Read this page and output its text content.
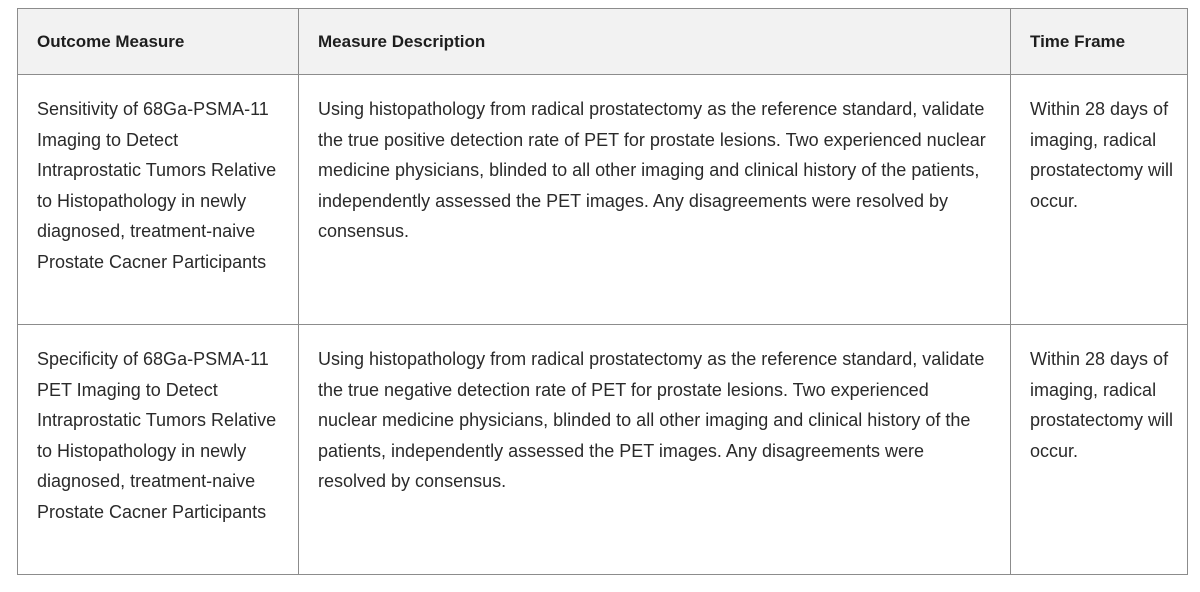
Outcome Measure	Measure Description	Time Frame
Sensitivity of 68Ga-PSMA-11 Imaging to Detect Intraprostatic Tumors Relative to Histopathology in newly diagnosed, treatment-naive Prostate Cacner Participants	Using histopathology from radical prostatectomy as the reference standard, validate the true positive detection rate of PET for prostate lesions. Two experienced nuclear medicine physicians, blinded to all other imaging and clinical history of the patients, independently assessed the PET images. Any disagreements were resolved by consensus.	Within 28 days of imaging, radical prostatectomy will occur.
Specificity of 68Ga-PSMA-11 PET Imaging to Detect Intraprostatic Tumors Relative to Histopathology in newly diagnosed, treatment-naive Prostate Cacner Participants	Using histopathology from radical prostatectomy as the reference standard, validate the true negative detection rate of PET for prostate lesions. Two experienced nuclear medicine physicians, blinded to all other imaging and clinical history of the patients, independently assessed the PET images. Any disagreements were resolved by consensus.	Within 28 days of imaging, radical prostatectomy will occur.
